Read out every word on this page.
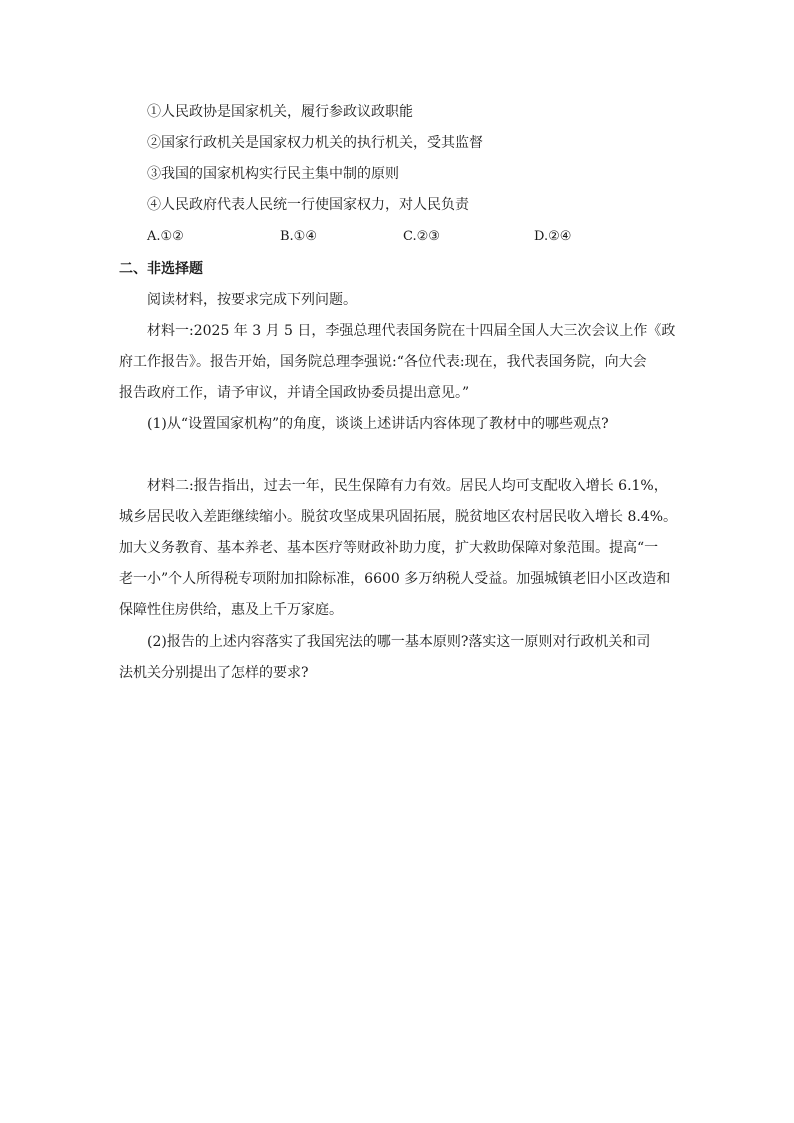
①人民政协是国家机关，履行参政议政职能
②国家行政机关是国家权力机关的执行机关，受其监督
③我国的国家机构实行民主集中制的原则
④人民政府代表人民统一行使国家权力，对人民负责
A.①②	B.①④	C.②③	D.②④
二、非选择题
阅读材料，按要求完成下列问题。
材料一:2025 年 3 月 5 日，李强总理代表国务院在十四届全国人大三次会议上作《政
府工作报告》。报告开始，国务院总理李强说:“各位代表:现在，我代表国务院，向大会
报告政府工作，请予审议，并请全国政协委员提出意见。”
(1)从“设置国家机构”的角度，谈谈上述讲话内容体现了教材中的哪些观点?
材料二:报告指出，过去一年，民生保障有力有效。居民人均可支配收入增长 6.1%，
城乡居民收入差距继续缩小。脱贫攻坚成果巩固拓展，脱贫地区农村居民收入增长 8.4%。
加大义务教育、基本养老、基本医疗等财政补助力度，扩大救助保障对象范围。提高“一
老一小”个人所得税专项附加扣除标准，6600 多万纳税人受益。加强城镇老旧小区改造和
保障性住房供给，惠及上千万家庭。
(2)报告的上述内容落实了我国宪法的哪一基本原则?落实这一原则对行政机关和司
法机关分别提出了怎样的要求?
